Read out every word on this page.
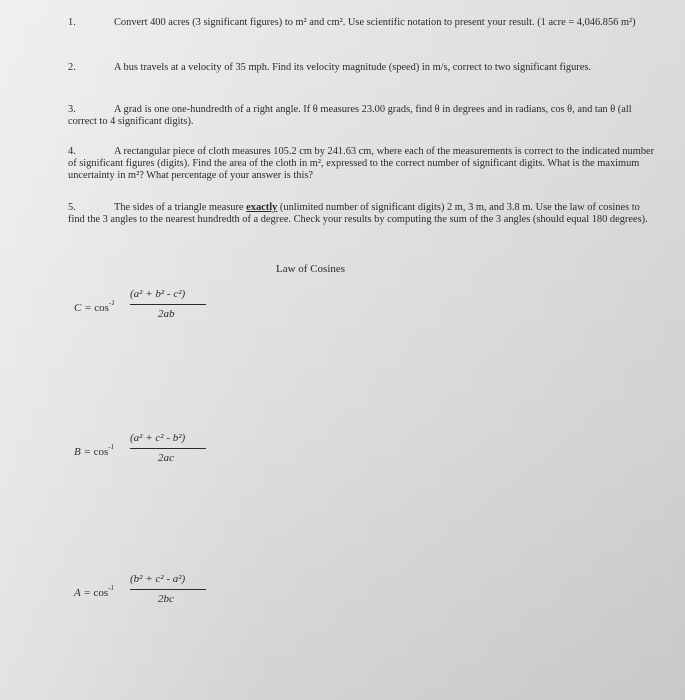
1.	Convert 400 acres (3 significant figures) to m² and cm². Use scientific notation to present your result. (1 acre = 4,046.856 m²)
2.	A bus travels at a velocity of 35 mph. Find its velocity magnitude (speed) in m/s, correct to two significant figures.
3.	A grad is one one-hundredth of a right angle. If θ measures 23.00 grads, find θ in degrees and in radians, cos θ, and tan θ (all correct to 4 significant digits).
4.	A rectangular piece of cloth measures 105.2 cm by 241.63 cm, where each of the measurements is correct to the indicated number of significant figures (digits). Find the area of the cloth in m², expressed to the correct number of significant digits. What is the maximum uncertainty in m²? What percentage of your answer is this?
5.	The sides of a triangle measure exactly (unlimited number of significant digits) 2 m, 3 m, and 3.8 m. Use the law of cosines to find the 3 angles to the nearest hundredth of a degree. Check your results by computing the sum of the 3 angles (should equal 180 degrees).
Law of Cosines
$C = \cos^{-1}$
(a² + b² - c²)
2ab
$B = \cos^{-1}$
(a² + c² - b²)
2ac
$A = \cos^{-1}$
(b² + c² - a²)
2bc
